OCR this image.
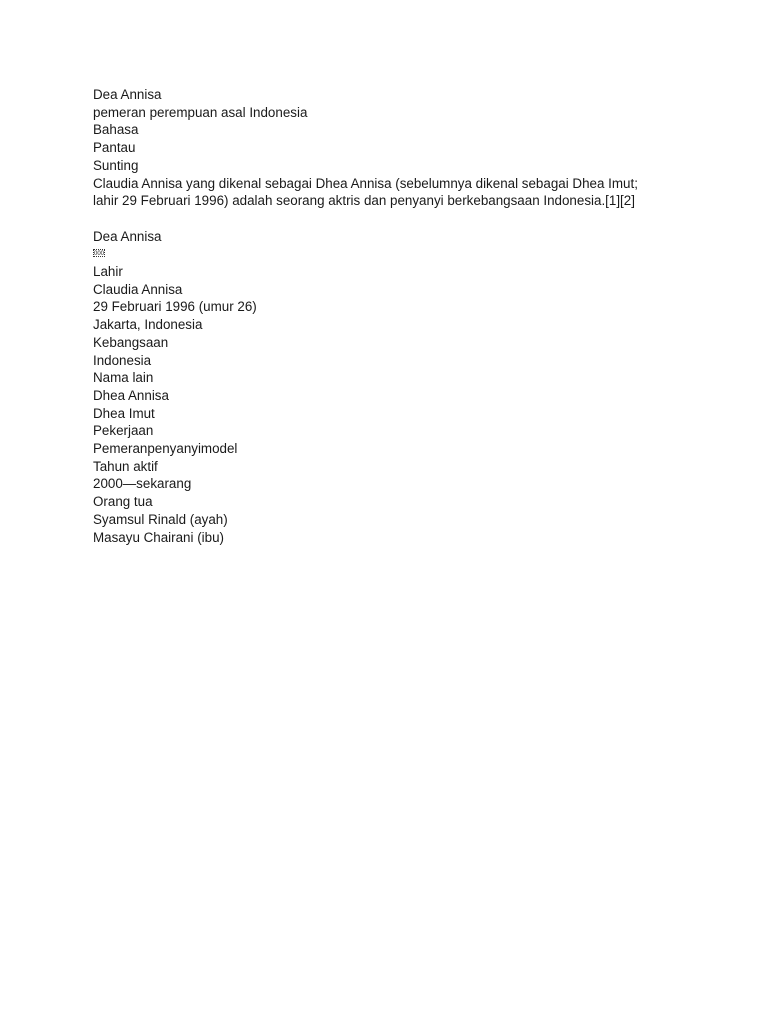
Dea Annisa
pemeran perempuan asal Indonesia
Bahasa
Pantau
Sunting
Claudia Annisa yang dikenal sebagai Dhea Annisa (sebelumnya dikenal sebagai Dhea Imut;
lahir 29 Februari 1996) adalah seorang aktris dan penyanyi berkebangsaan Indonesia.[1][2]
Dea Annisa
000
Lahir
Claudia Annisa
29 Februari 1996 (umur 26)
Jakarta, Indonesia
Kebangsaan
Indonesia
Nama lain
Dhea Annisa
Dhea Imut
Pekerjaan
Pemeranpenyanyimodel
Tahun aktif
2000—sekarang
Orang tua
Syamsul Rinald (ayah)
Masayu Chairani (ibu)
